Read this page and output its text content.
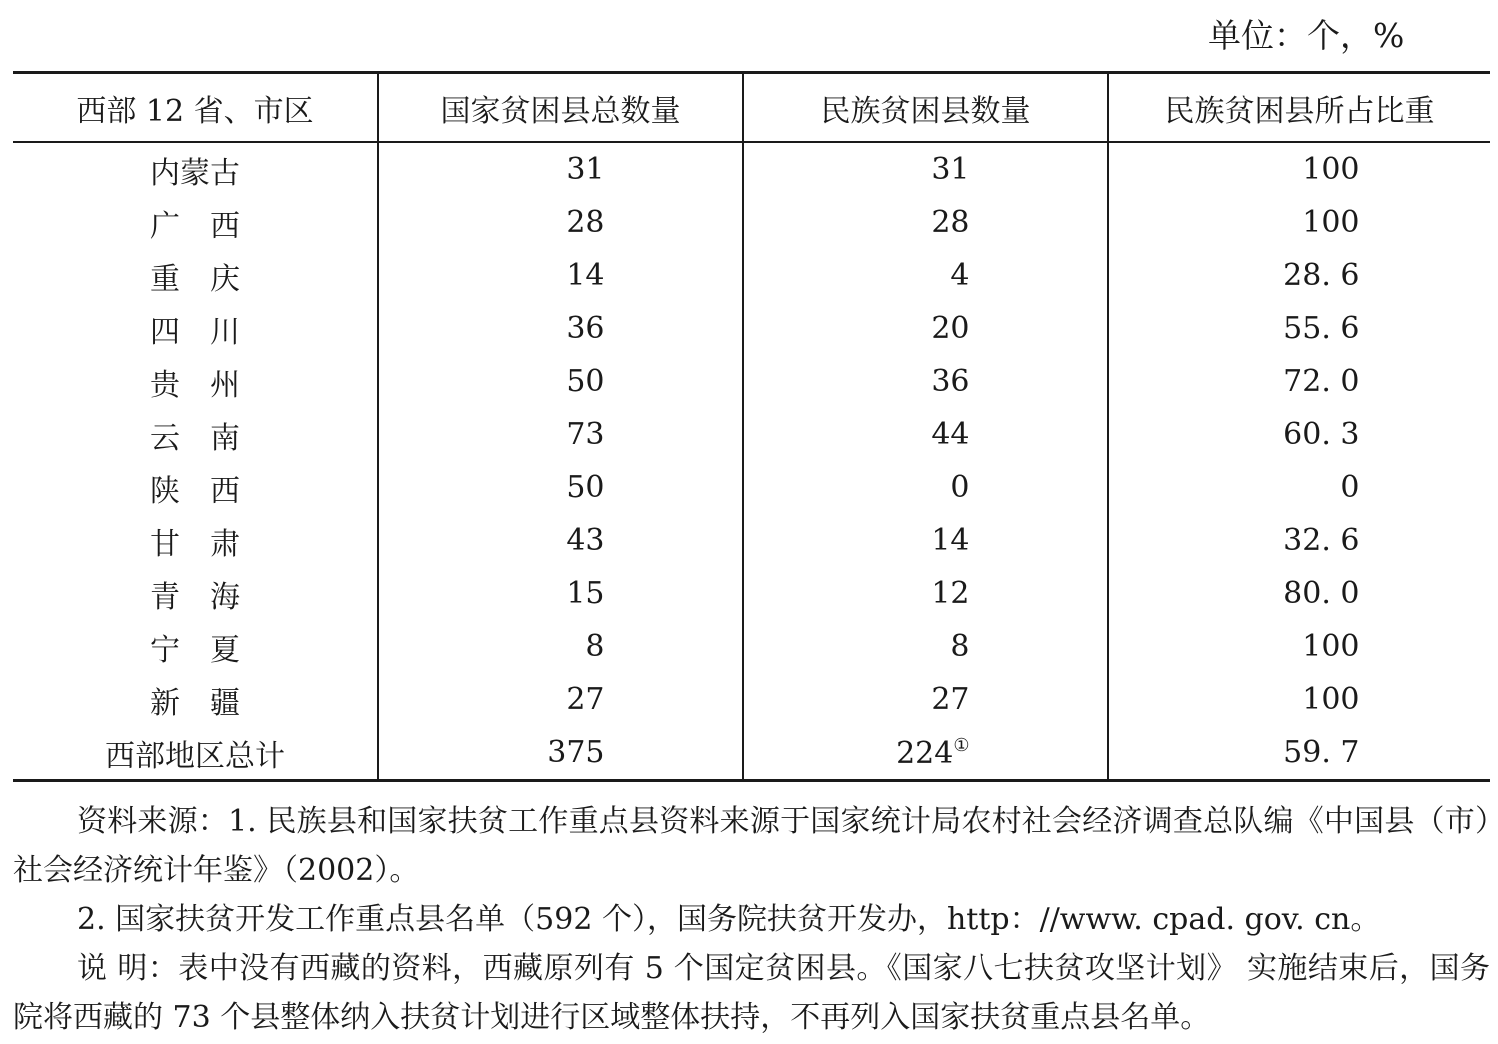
单位：个，%
西部 12 省、市区	国家贫困县总数量	民族贫困县数量	民族贫困县所占比重
内蒙古	31	31	100
广　西	28	28	100
重　庆	14	4	28. 6
四　川	36	20	55. 6
贵　州	50	36	72. 0
云　南	73	44	60. 3
陕　西	50	0	0
甘　肃	43	14	32. 6
青　海	15	12	80. 0
宁　夏	8	8	100
新　疆	27	27	100
西部地区总计	375	224①	59. 7

资料来源：1. 民族县和国家扶贫工作重点县资料来源于国家统计局农村社会经济调查总队编《中国县（市）社会经济统计年鉴》（2002）。

2. 国家扶贫开发工作重点县名单（592 个），国务院扶贫开发办，http：//www. cpad. gov. cn。

说 明：表中没有西藏的资料，西藏原列有 5 个国定贫困县。《国家八七扶贫攻坚计划》 实施结束后，国务院将西藏的 73 个县整体纳入扶贫计划进行区域整体扶持，不再列入国家扶贫重点县名单。
